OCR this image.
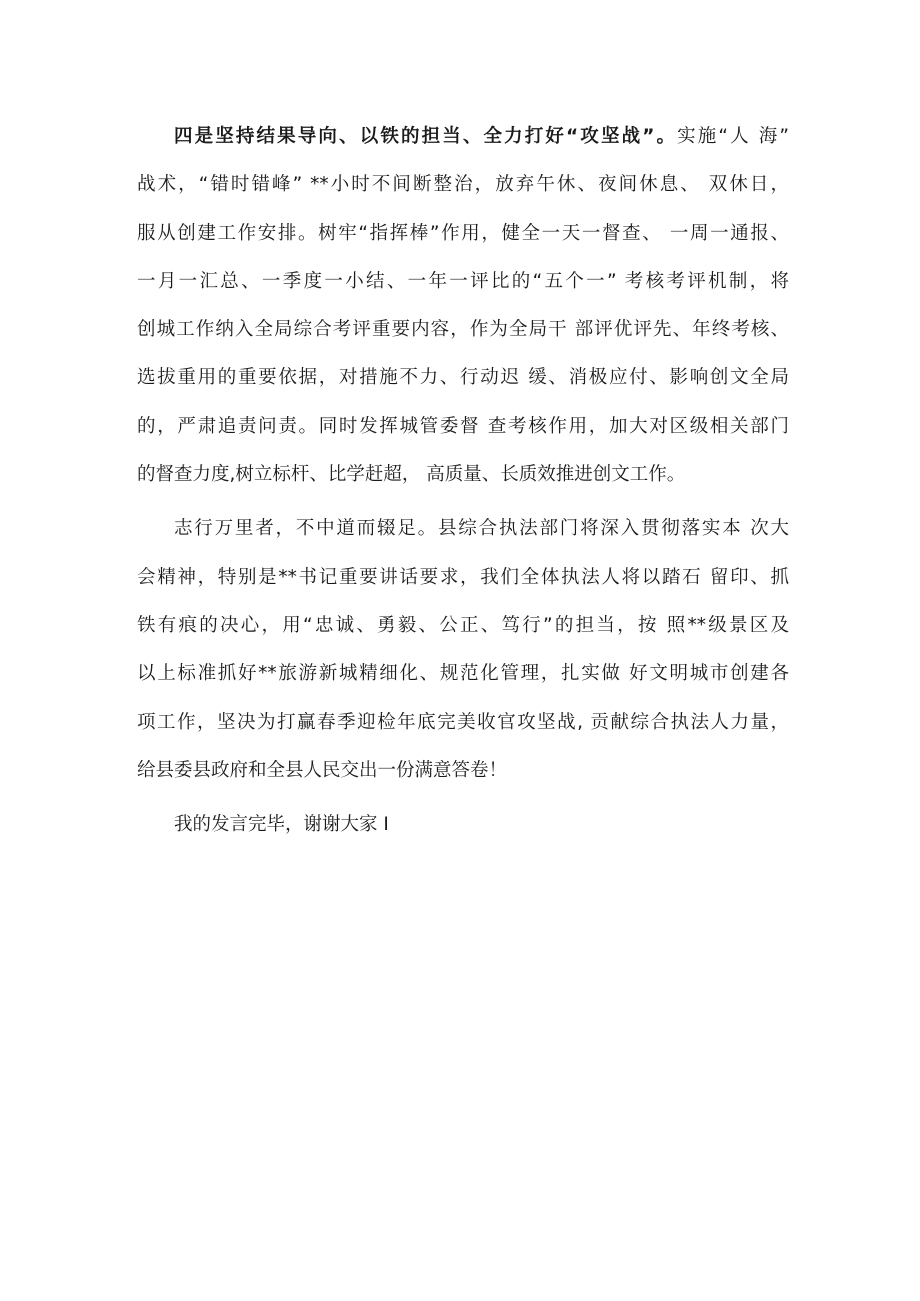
四是坚持结果导向、以铁的担当、全力打好“攻坚战”。实施“人 海”
战术，“错时错峰” **小时不间断整治，放弃午休、夜间休息、 双休日，
服从创建工作安排。树牢“指挥棒”作用，健全一天一督查、 一周一通报、
一月一汇总、一季度一小结、一年一评比的“五个一” 考核考评机制，将
创城工作纳入全局综合考评重要内容，作为全局干 部评优评先、年终考核、
选拔重用的重要依据，对措施不力、行动迟 缓、消极应付、影响创文全局
的，严肃追责问责。同时发挥城管委督 查考核作用，加大对区级相关部门
的督查力度,树立标杆、比学赶超， 高质量、长质效推进创文工作。
志行万里者，不中道而辍足。县综合执法部门将深入贯彻落实本 次大
会精神，特别是**书记重要讲话要求，我们全体执法人将以踏石 留印、抓
铁有痕的决心，用“忠诚、勇毅、公正、笃行”的担当，按 照**级景区及
以上标准抓好**旅游新城精细化、规范化管理，扎实做 好文明城市创建各
项工作，坚决为打赢春季迎检年底完美收官攻坚战, 贡献综合执法人力量，
给县委县政府和全县人民交出一份满意答卷！
我的发言完毕，谢谢大家 I
